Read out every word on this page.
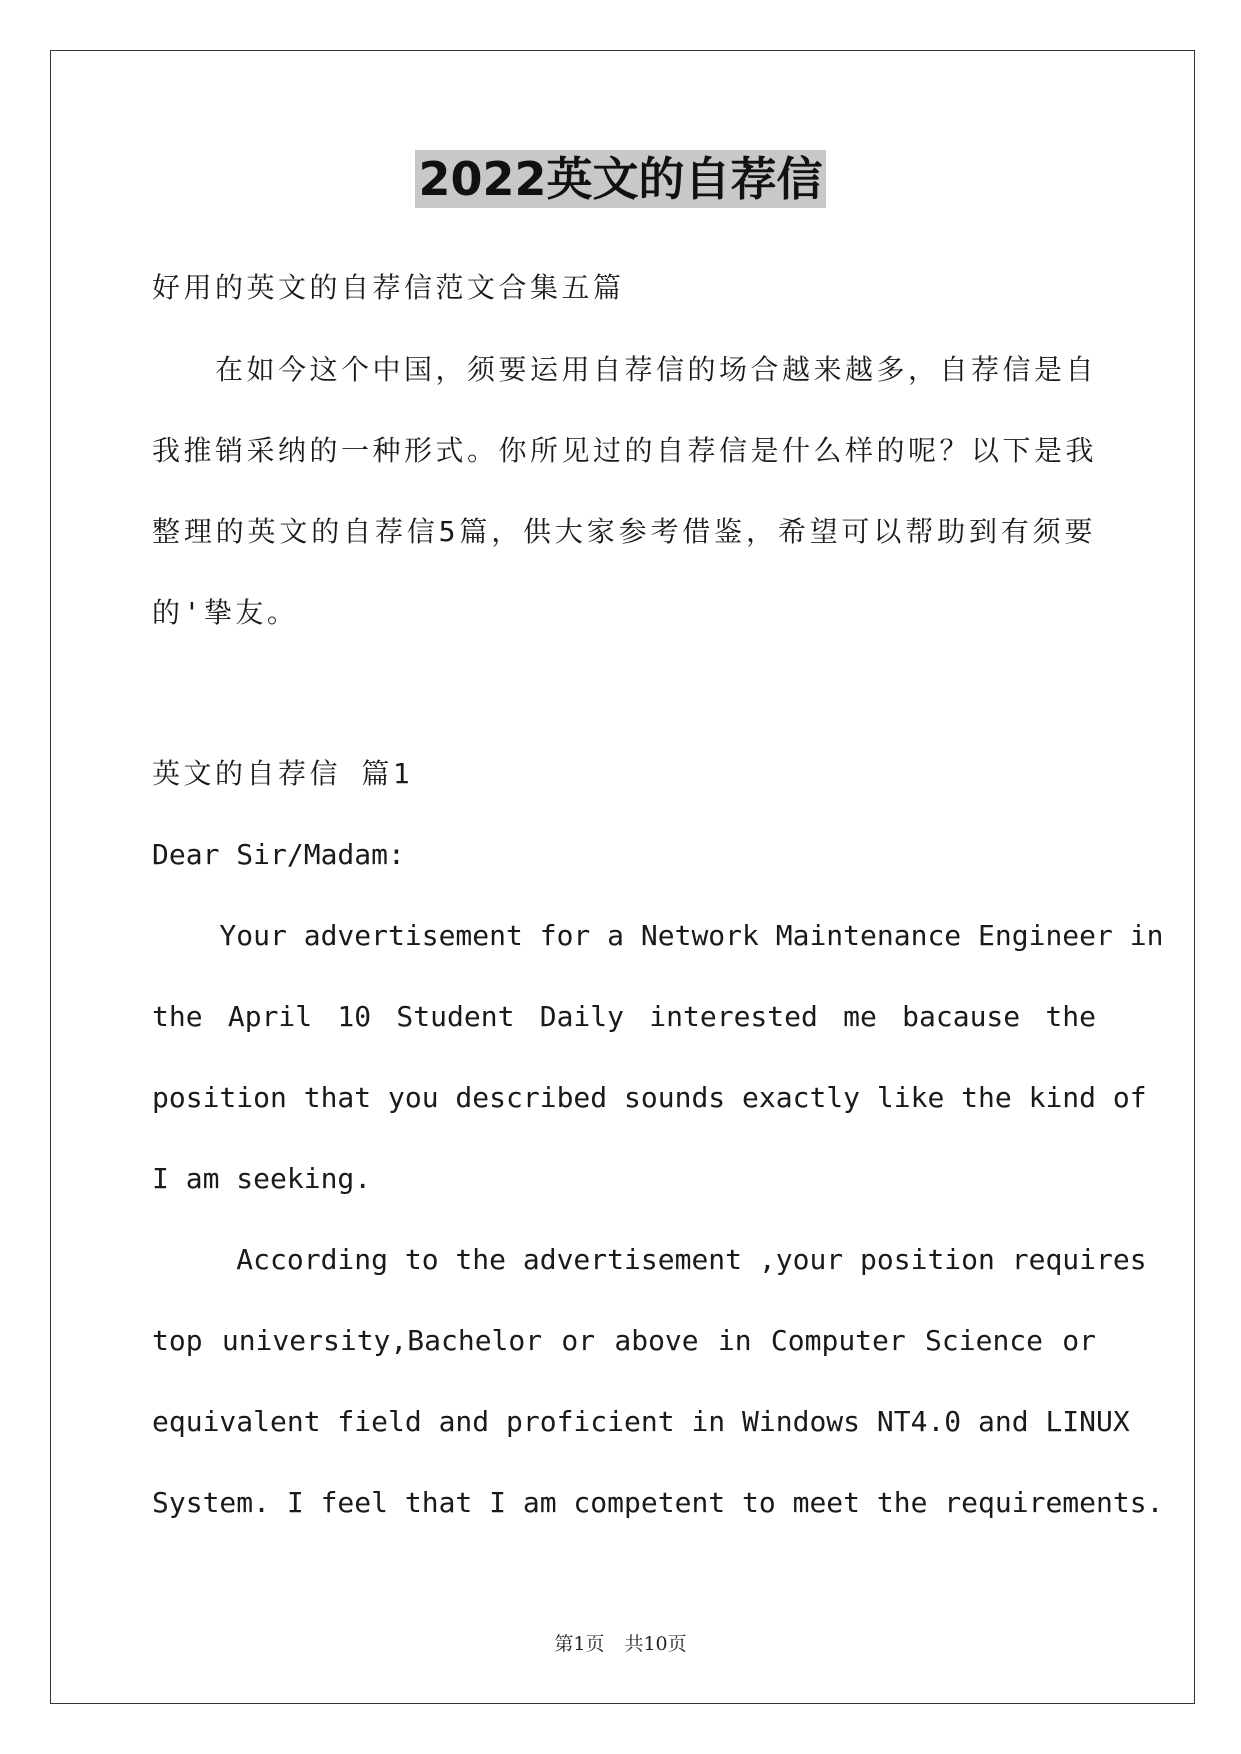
2022英文的自荐信
好用的英文的自荐信范文合集五篇
　　在如今这个中国，须要运用自荐信的场合越来越多，自荐信是自
我推销采纳的一种形式。你所见过的自荐信是什么样的呢？以下是我
整理的英文的自荐信5篇，供大家参考借鉴，希望可以帮助到有须要
的'挚友。
英文的自荐信 篇1
Dear Sir/Madam:
Your advertisement for a Network Maintenance Engineer in
the April 10 Student Daily interested me bacause the
position that you described sounds exactly like the kind of
I am seeking.
According to the advertisement ,your position requires
top university,Bachelor or above in Computer Science or
equivalent field and proficient in Windows NT4.0 and LINUX
System. I feel that I am competent to meet the requirements.
第1页 共10页
